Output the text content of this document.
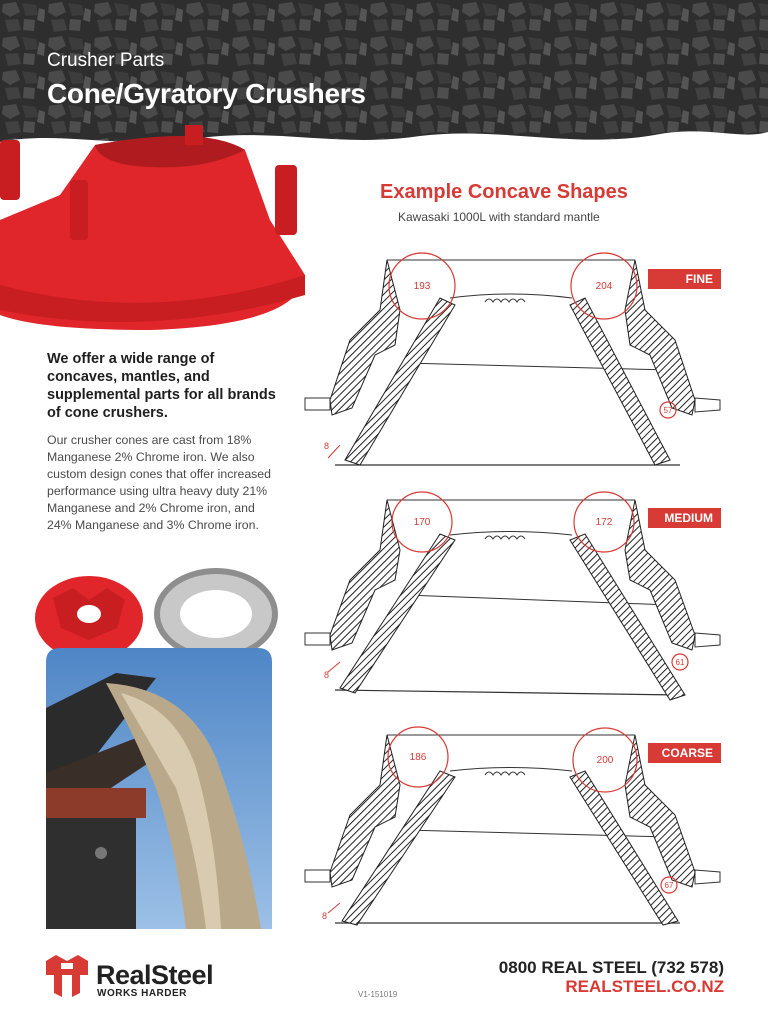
Crusher Parts
Cone/Gyratory Crushers
We offer a wide range of concaves, mantles, and supplemental parts for all brands of cone crushers.
Our crusher cones are cast from 18% Manganese 2% Chrome iron. We also custom design cones that offer increased performance using ultra heavy duty 21% Manganese and 2% Chrome iron, and 24% Manganese and 3% Chrome iron.
Example Concave Shapes
Kawasaki 1000L with standard mantle
193	204
57
8
FINE
170	172
61
8
MEDIUM
186	200
67
8
COARSE
RealSteel
WORKS HARDER	V1-151019
0800 REAL STEEL (732 578)
REALSTEEL.CO.NZ
